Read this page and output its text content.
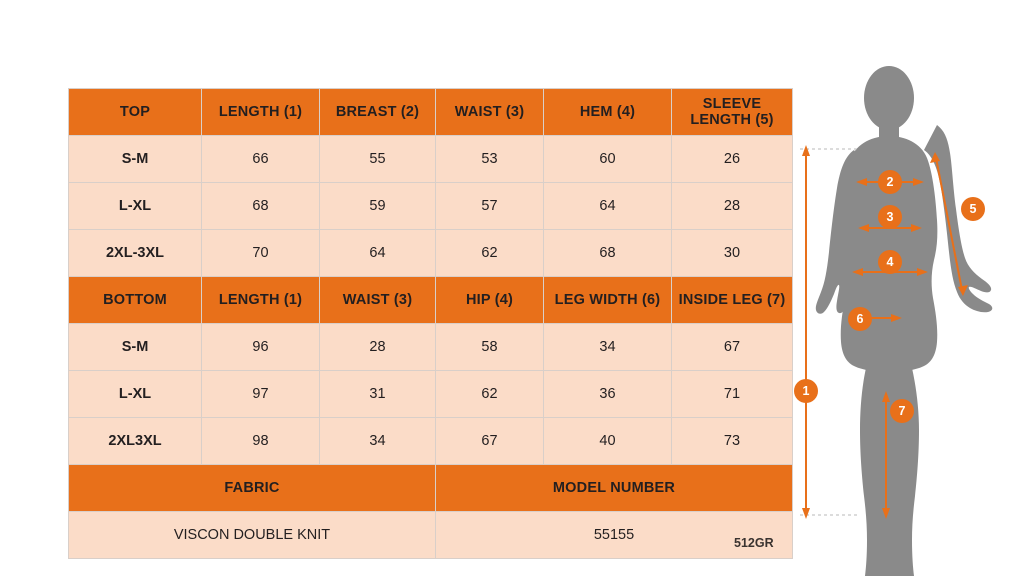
TOP	LENGTH (1)	BREAST (2)	WAIST (3)	HEM (4)	SLEEVE LENGTH (5)
S-M	66	55	53	60	26
L-XL	68	59	57	64	28
2XL-3XL	70	64	62	68	30
BOTTOM	LENGTH (1)	WAIST (3)	HIP (4)	LEG WIDTH (6)	INSIDE LEG (7)
S-M	96	28	58	34	67
L-XL	97	31	62	36	71
2XL3XL	98	34	67	40	73
FABRIC			MODEL NUMBER		
VISCON DOUBLE KNIT			55155			512GR
1
2
3
4
5
6
7
